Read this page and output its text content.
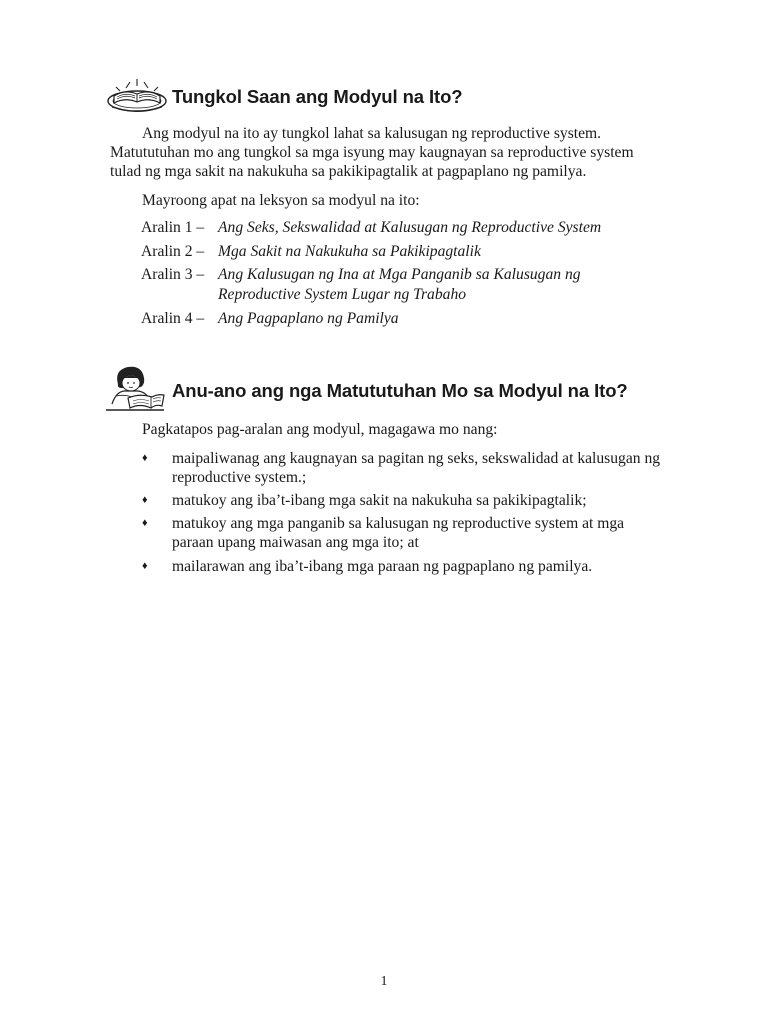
Tungkol Saan ang Modyul na Ito?

Ang modyul na ito ay tungkol lahat sa kalusugan ng reproductive system.

Matututuhan mo ang tungkol sa mga isyung may kaugnayan sa reproductive system

tulad ng mga sakit na nakukuha sa pakikipagtalik at pagpaplano ng pamilya.

Mayroong apat na leksyon sa modyul na ito:

Aralin 1 – Ang Seks, Sekswalidad at Kalusugan ng Reproductive System
Aralin 2 – Mga Sakit na Nakukuha sa Pakikipagtalik
Aralin 3 – Ang Kalusugan ng Ina at Mga Panganib sa Kalusugan ng
Reproductive System Lugar ng Trabaho
Aralin 4 – Ang Pagpaplano ng Pamilya
Anu-ano ang nga Matututuhan Mo sa Modyul na Ito?

Pagkatapos pag-aralan ang modyul, magagawa mo nang:

♦	maipaliwanag ang kaugnayan sa pagitan ng seks, sekswalidad at kalusugan ng
reproductive system.;
♦	matukoy ang iba’t-ibang mga sakit na nakukuha sa pakikipagtalik;
♦	matukoy ang mga panganib sa kalusugan ng reproductive system at mga
paraan upang maiwasan ang mga ito; at
♦	mailarawan ang iba’t-ibang mga paraan ng pagpaplano ng pamilya.
1
